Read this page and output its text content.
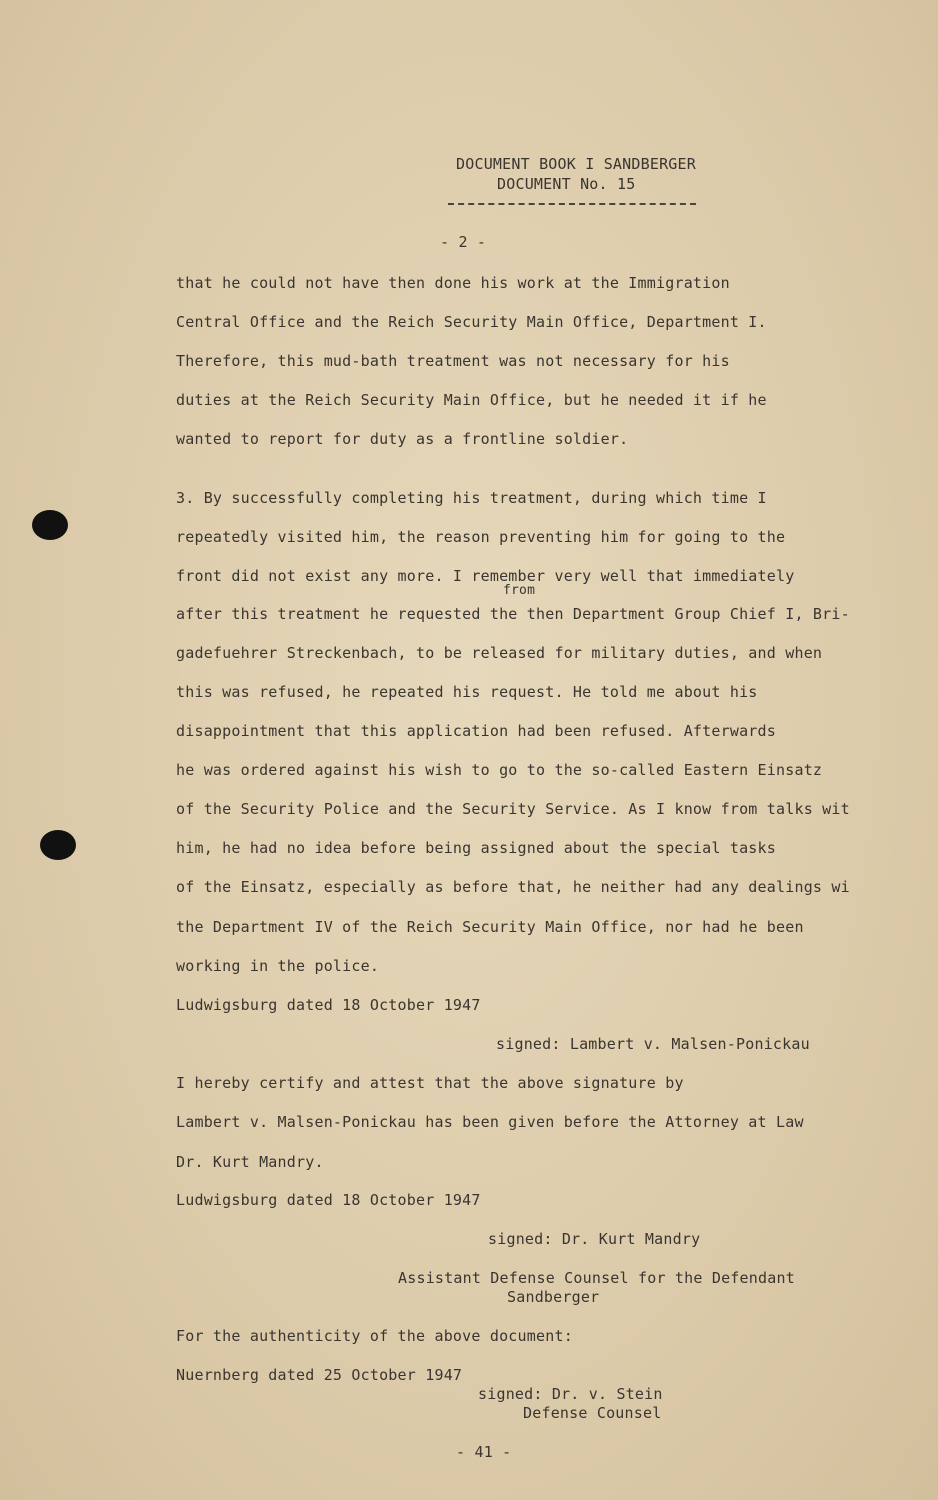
DOCUMENT BOOK I SANDBERGER
DOCUMENT No. 15
- 2 -
that he could not have then done his work at the Immigration
Central Office and the Reich Security Main Office, Department I.
Therefore, this mud-bath treatment was not necessary for his
duties at the Reich Security Main Office, but he needed it if he
wanted to report for duty as a frontline soldier.
3. By successfully completing his treatment, during which time I
repeatedly visited him, the reason preventing him for going to the
front did not exist any more. I remember very well that immediately
from
after this treatment he requested the then Department Group Chief I, Bri-
gadefuehrer Streckenbach, to be released for military duties, and when
this was refused, he repeated his request. He told me about his
disappointment that this application had been refused. Afterwards
he was ordered against his wish to go to the so-called Eastern Einsatz
of the Security Police and the Security Service. As I know from talks wit
him, he had no idea before being assigned about the special tasks
of the Einsatz, especially as before that, he neither had any dealings wi
the Department IV of the Reich Security Main Office, nor had he been
working in the police.
Ludwigsburg dated 18 October 1947
signed: Lambert v. Malsen-Ponickau
I hereby certify and attest that the above signature by
Lambert v. Malsen-Ponickau has been given before the Attorney at Law
Dr. Kurt Mandry.
Ludwigsburg dated 18 October 1947
signed: Dr. Kurt Mandry
Assistant Defense Counsel for the Defendant
Sandberger
For the authenticity of the above document:
Nuernberg dated 25 October 1947
signed: Dr. v. Stein
Defense Counsel
- 41 -
